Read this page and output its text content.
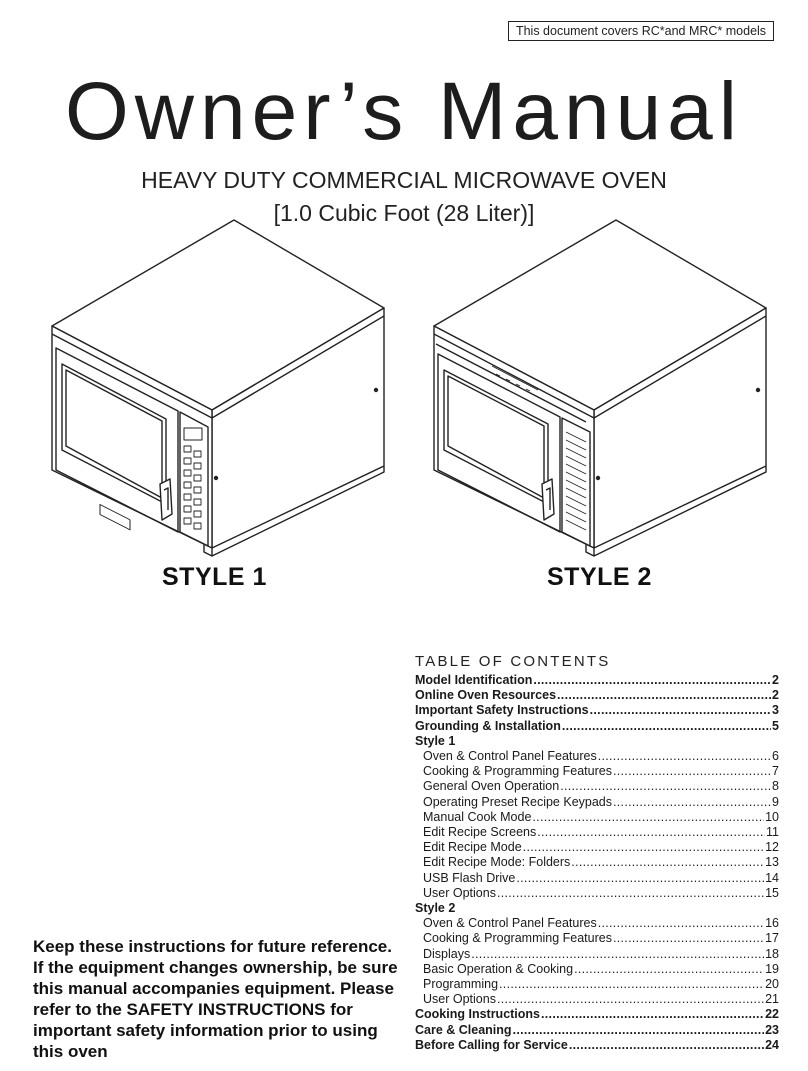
This document covers RC*and MRC* models
Owner’s Manual
HEAVY DUTY COMMERCIAL MICROWAVE OVEN
[1.0 Cubic Foot (28 Liter)]
STYLE 1	STYLE 2
TABLE OF CONTENTS
Model Identification .....	2
Online Oven Resources .....	2
Important Safety Instructions .....	3
Grounding & Installation .....	5
Style 1
Oven & Control Panel Features .....	6
Cooking & Programming Features .....	7
General Oven Operation .....	8
Operating Preset Recipe Keypads .....	9
Manual Cook Mode .....	10
Edit Recipe Screens .....	11
Edit Recipe Mode .....	12
Edit Recipe Mode: Folders .....	13
USB Flash Drive .....	14
User Options .....	15
Style 2
Oven & Control Panel Features .....	16
Cooking & Programming Features .....	17
Displays .....	18
Basic Operation & Cooking .....	19
Programming .....	20
User Options .....	21
Cooking Instructions .....	22
Care & Cleaning .....	23
Before Calling for Service .....	24
Keep these instructions for future reference. If the equipment changes ownership, be sure this manual accompanies equipment. Please refer to the SAFETY INSTRUCTIONS for important safety information prior to using this oven
